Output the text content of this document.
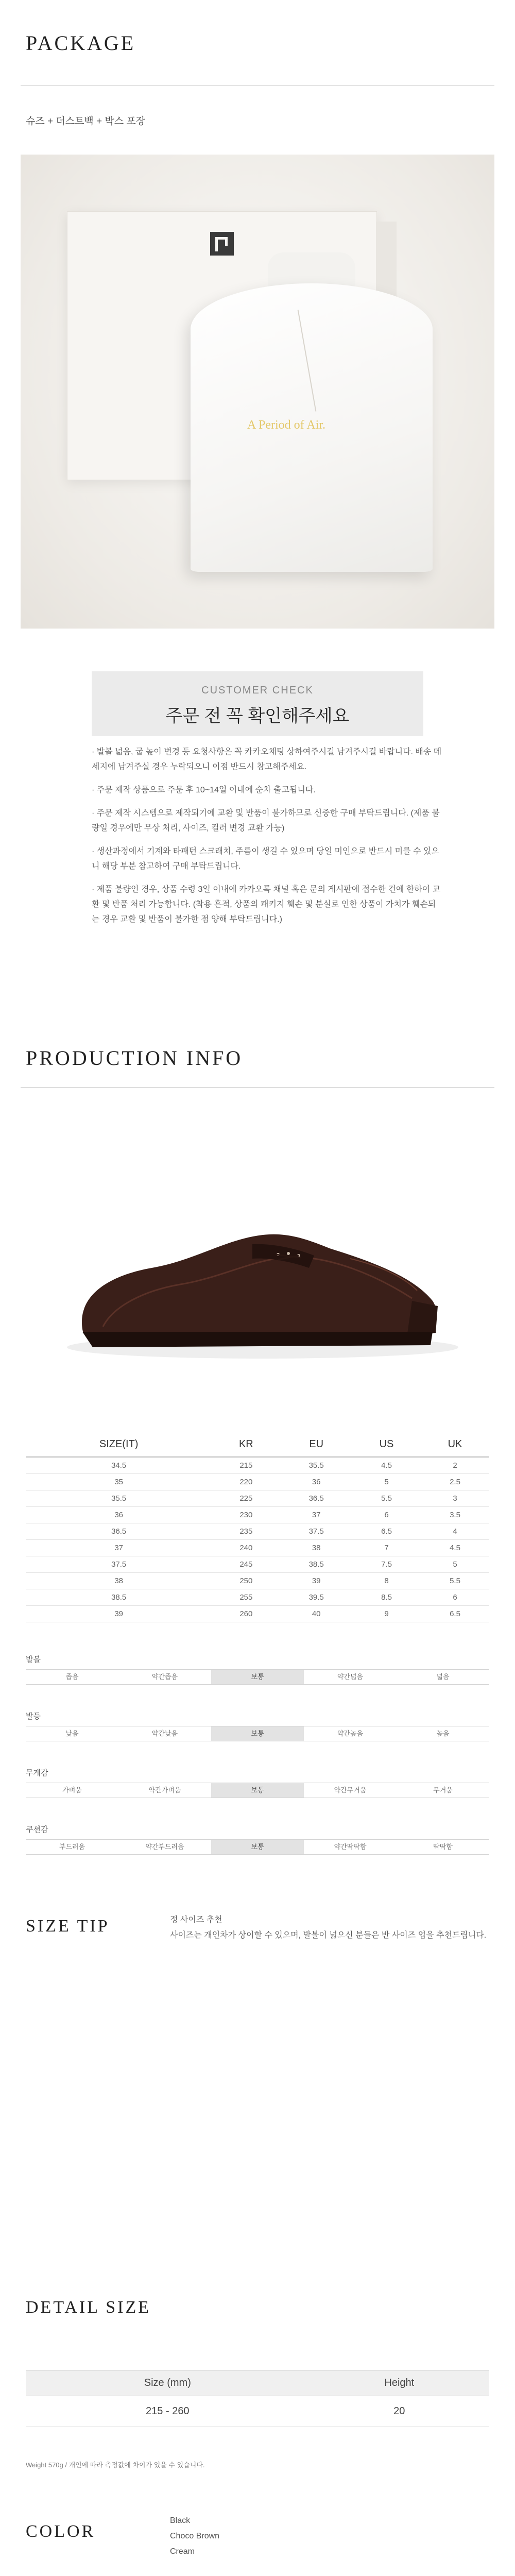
PACKAGE
슈즈 + 더스트백 + 박스 포장
A Period of Air.
CUSTOMER CHECK
주문 전 꼭 확인해주세요

· 발볼 넓음, 굽 높이 변경 등 요청사항은 꼭 카카오채팅 상하여주시길 남겨주시길 바랍니다. 배송 메세지에 남겨주실 경우 누락되오니 이점 반드시 참고해주세요.

· 주문 제작 상품으로 주문 후 10~14일 이내에 순차 출고됩니다.

· 주문 제작 시스템으로 제작되기에 교환 및 반품이 불가하므로 신중한 구매 부탁드립니다. (제품 불량일 경우에만 무상 처리, 사이즈, 컬러 변경 교환 가능)

· 생산과정에서 기계와 타패턴 스크래치, 주름이 생길 수 있으며 당일 미인으로 반드시 미를 수 있으니 해당 부분 참고하여 구매 부탁드립니다.

· 제품 불량인 경우, 상품 수령 3일 이내에 카카오톡 채널 혹은 문의 게시판에 접수한 건에 한하여 교환 및 반품 처리 가능합니다. (착용 흔적, 상품의 패키지 훼손 및 분실로 인한 상품이 가치가 훼손되는 경우 교환 및 반품이 불가한 점 양해 부탁드립니다.)

PRODUCTION INFO
SIZE(IT)	KR	EU	US	UK
34.5	215	35.5	4.5	2
35	220	36	5	2.5
35.5	225	36.5	5.5	3
36	230	37	6	3.5
36.5	235	37.5	6.5	4
37	240	38	7	4.5
37.5	245	38.5	7.5	5
38	250	39	8	5.5
38.5	255	39.5	8.5	6
39	260	40	9	6.5
발볼
좁음	약간좁음	보통	약간넓음	넓음
발등
낮음	약간낮음	보통	약간높음	높음
무게감
가벼움	약간가벼움	보통	약간무거움	무거움
쿠션감
부드러움	약간부드러움	보통	약간딱딱함	딱딱함
SIZE TIP	정 사이즈 추천
사이즈는 개인차가 상이할 수 있으며, 발볼이 넓으신 분들은 반 사이즈 업을 추천드립니다.
DETAIL SIZE
Size (mm)	Height
215 - 260	20
Weight 570g / 개인에 따라 측정값에 차이가 있을 수 있습니다.
COLOR
Black
Choco Brown
Cream
